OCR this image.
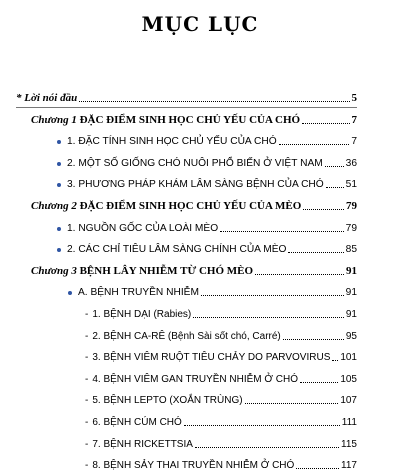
MỤC LỤC
* Lời nói đầu	5
Chương 1 ĐẶC ĐIỂM SINH HỌC CHỦ YẾU CỦA CHÓ	7
1. ĐẶC TÍNH SINH HỌC CHỦ YẾU CỦA CHÓ	7
2. MỘT SỐ GIỐNG CHÓ NUÔI PHỔ BIẾN Ở VIỆT NAM 36
3. PHƯƠNG PHÁP KHÁM LÂM SÀNG BỆNH CỦA CHÓ 51
Chương 2 ĐẶC ĐIỂM SINH HỌC CHỦ YẾU CỦA MÈO	79
1. NGUỒN GỐC CỦA LOÀI MÈO	79
2. CÁC CHỈ TIÊU LÂM SÀNG CHÍNH CỦA MÈO	85
Chương 3 BỆNH LÂY NHIỄM TỪ CHÓ MÈO	91
A. BỆNH TRUYỀN NHIỄM	91
- 1. BỆNH DẠI (Rabies)	91
- 2. BỆNH CA-RÊ (Bệnh Sài sốt chó, Carré)	95
- 3. BỆNH VIÊM RUỘT TIÊU CHẢY DO PARVOVIRUS 101
- 4. BỆNH VIÊM GAN TRUYỀN NHIỄM Ở CHÓ	105
- 5. BỆNH LEPTO (XOẮN TRÙNG)	107
- 6. BỆNH CÚM CHÓ	111
- 7. BỆNH RICKETTSIA	115
- 8. BỆNH SẢY THAI TRUYỀN NHIỄM Ở CHÓ	117
